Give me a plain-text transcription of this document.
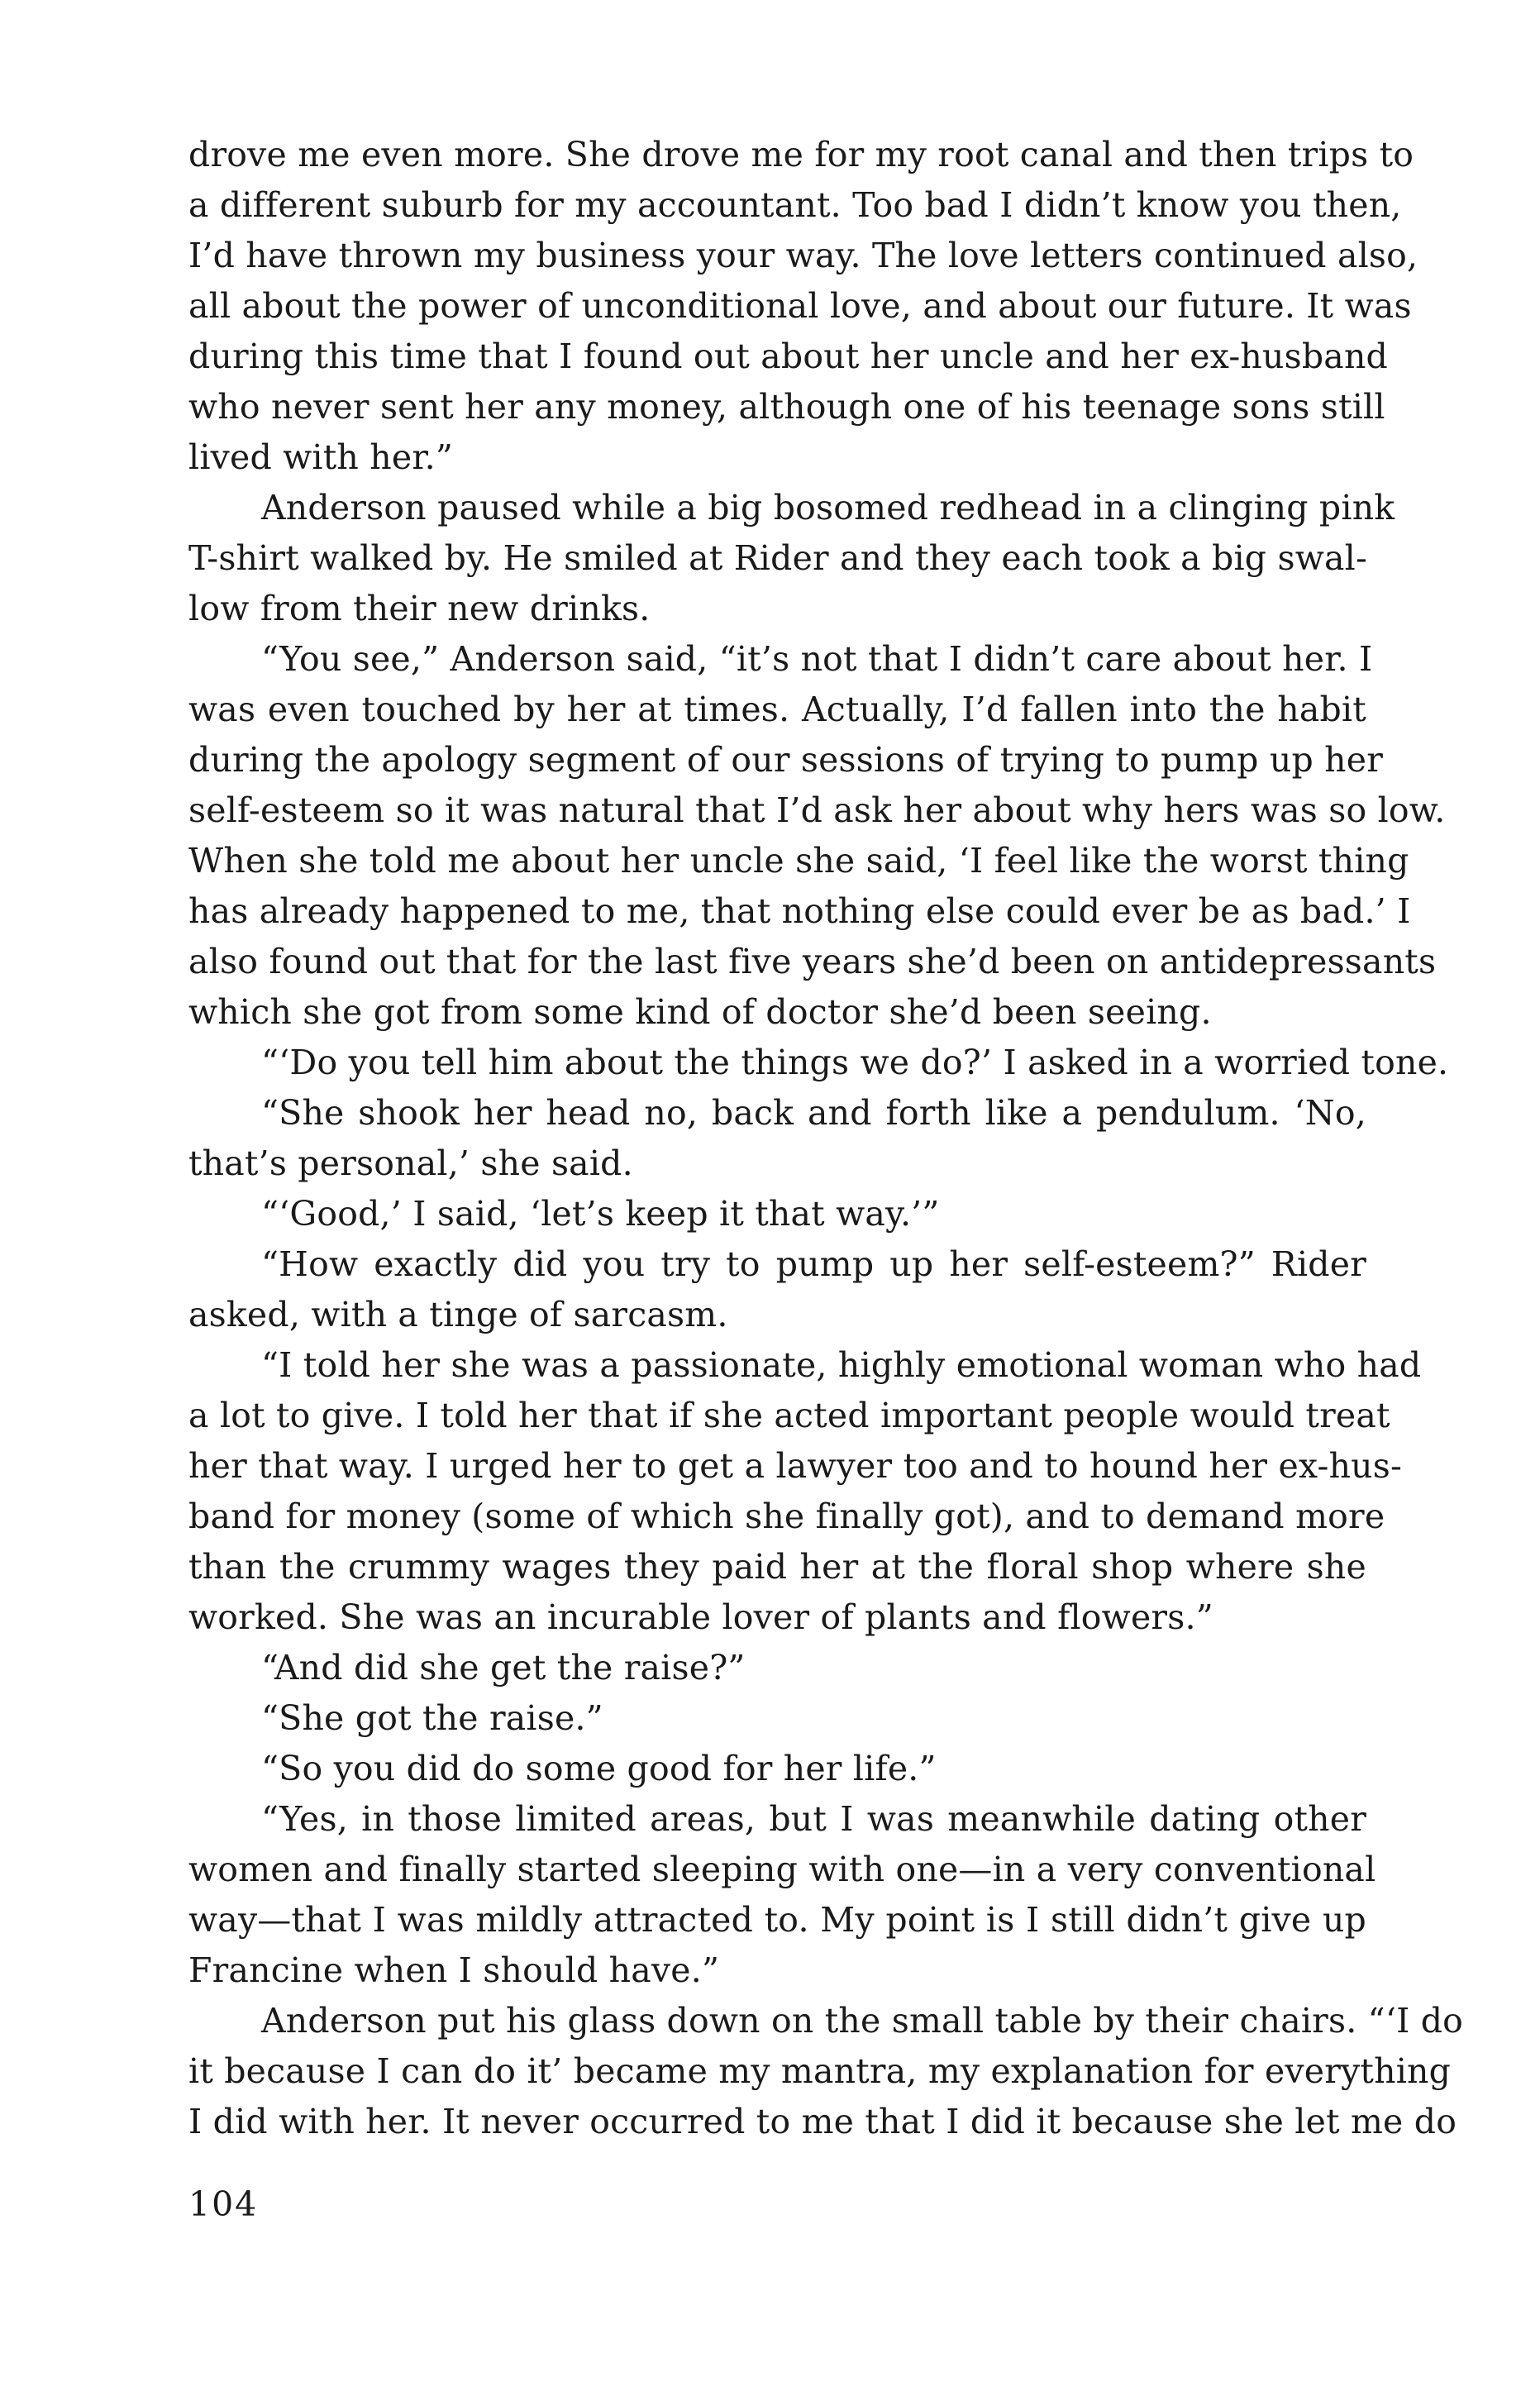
drove me even more. She drove me for my root canal and then trips to
a different suburb for my accountant. Too bad I didn’t know you then,
I’d have thrown my business your way. The love letters continued also,
all about the power of unconditional love, and about our future. It was
during this time that I found out about her uncle and her ex-husband
who never sent her any money, although one of his teenage sons still
lived with her.”
Anderson paused while a big bosomed redhead in a clinging pink
T-shirt walked by. He smiled at Rider and they each took a big swal-
low from their new drinks.
“You see,” Anderson said, “it’s not that I didn’t care about her. I
was even touched by her at times. Actually, I’d fallen into the habit
during the apology segment of our sessions of trying to pump up her
self-esteem so it was natural that I’d ask her about why hers was so low.
When she told me about her uncle she said, ‘I feel like the worst thing
has already happened to me, that nothing else could ever be as bad.’ I
also found out that for the last five years she’d been on antidepressants
which she got from some kind of doctor she’d been seeing.
“‘Do you tell him about the things we do?’ I asked in a worried tone.
“She shook her head no, back and forth like a pendulum. ‘No,
that’s personal,’ she said.
“‘Good,’ I said, ‘let’s keep it that way.’”
“How exactly did you try to pump up her self-esteem?” Rider
asked, with a tinge of sarcasm.
“I told her she was a passionate, highly emotional woman who had
a lot to give. I told her that if she acted important people would treat
her that way. I urged her to get a lawyer too and to hound her ex-hus-
band for money (some of which she finally got), and to demand more
than the crummy wages they paid her at the floral shop where she
worked. She was an incurable lover of plants and flowers.”
“And did she get the raise?”
“She got the raise.”
“So you did do some good for her life.”
“Yes, in those limited areas, but I was meanwhile dating other
women and finally started sleeping with one—in a very conventional
way—that I was mildly attracted to. My point is I still didn’t give up
Francine when I should have.”
Anderson put his glass down on the small table by their chairs. “‘I do
it because I can do it’ became my mantra, my explanation for everything
I did with her. It never occurred to me that I did it because she let me do
104
